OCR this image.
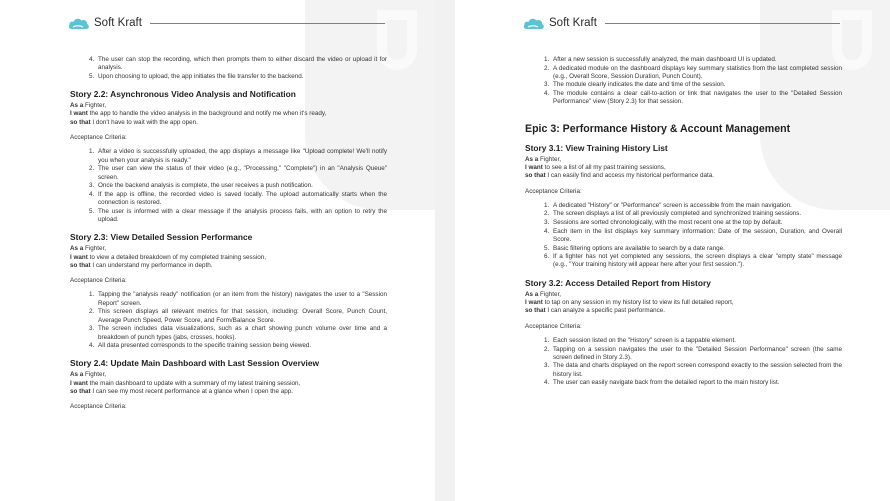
Soft Kraft
4. The user can stop the recording, which then prompts them to either discard the video or upload it for analysis.
5. Upon choosing to upload, the app initiates the file transfer to the backend.
Story 2.2: Asynchronous Video Analysis and Notification
As a Fighter,
I want the app to handle the video analysis in the background and notify me when it's ready,
so that I don't have to wait with the app open.
Acceptance Criteria:
1. After a video is successfully uploaded, the app displays a message like "Upload complete! We'll notify you when your analysis is ready."
2. The user can view the status of their video (e.g., "Processing," "Complete") in an "Analysis Queue" screen.
3. Once the backend analysis is complete, the user receives a push notification.
4. If the app is offline, the recorded video is saved locally. The upload automatically starts when the connection is restored.
5. The user is informed with a clear message if the analysis process fails, with an option to retry the upload.
Story 2.3: View Detailed Session Performance
As a Fighter,
I want to view a detailed breakdown of my completed training session,
so that I can understand my performance in depth.
Acceptance Criteria:
1. Tapping the "analysis ready" notification (or an item from the history) navigates the user to a "Session Report" screen.
2. This screen displays all relevant metrics for that session, including: Overall Score, Punch Count, Average Punch Speed, Power Score, and Form/Balance Score.
3. The screen includes data visualizations, such as a chart showing punch volume over time and a breakdown of punch types (jabs, crosses, hooks).
4. All data presented corresponds to the specific training session being viewed.
Story 2.4: Update Main Dashboard with Last Session Overview
As a Fighter,
I want the main dashboard to update with a summary of my latest training session,
so that I can see my most recent performance at a glance when I open the app.
Acceptance Criteria:
Soft Kraft
1. After a new session is successfully analyzed, the main dashboard UI is updated.
2. A dedicated module on the dashboard displays key summary statistics from the last completed session (e.g., Overall Score, Session Duration, Punch Count).
3. The module clearly indicates the date and time of the session.
4. The module contains a clear call-to-action or link that navigates the user to the "Detailed Session Performance" view (Story 2.3) for that session.
Epic 3: Performance History & Account Management
Story 3.1: View Training History List
As a Fighter,
I want to see a list of all my past training sessions,
so that I can easily find and access my historical performance data.
Acceptance Criteria:
1. A dedicated "History" or "Performance" screen is accessible from the main navigation.
2. The screen displays a list of all previously completed and synchronized training sessions.
3. Sessions are sorted chronologically, with the most recent one at the top by default.
4. Each item in the list displays key summary information: Date of the session, Duration, and Overall Score.
5. Basic filtering options are available to search by a date range.
6. If a fighter has not yet completed any sessions, the screen displays a clear "empty state" message (e.g., "Your training history will appear here after your first session.").
Story 3.2: Access Detailed Report from History
As a Fighter,
I want to tap on any session in my history list to view its full detailed report,
so that I can analyze a specific past performance.
Acceptance Criteria:
1. Each session listed on the "History" screen is a tappable element.
2. Tapping on a session navigates the user to the "Detailed Session Performance" screen (the same screen defined in Story 2.3).
3. The data and charts displayed on the report screen correspond exactly to the session selected from the history list.
4. The user can easily navigate back from the detailed report to the main history list.
